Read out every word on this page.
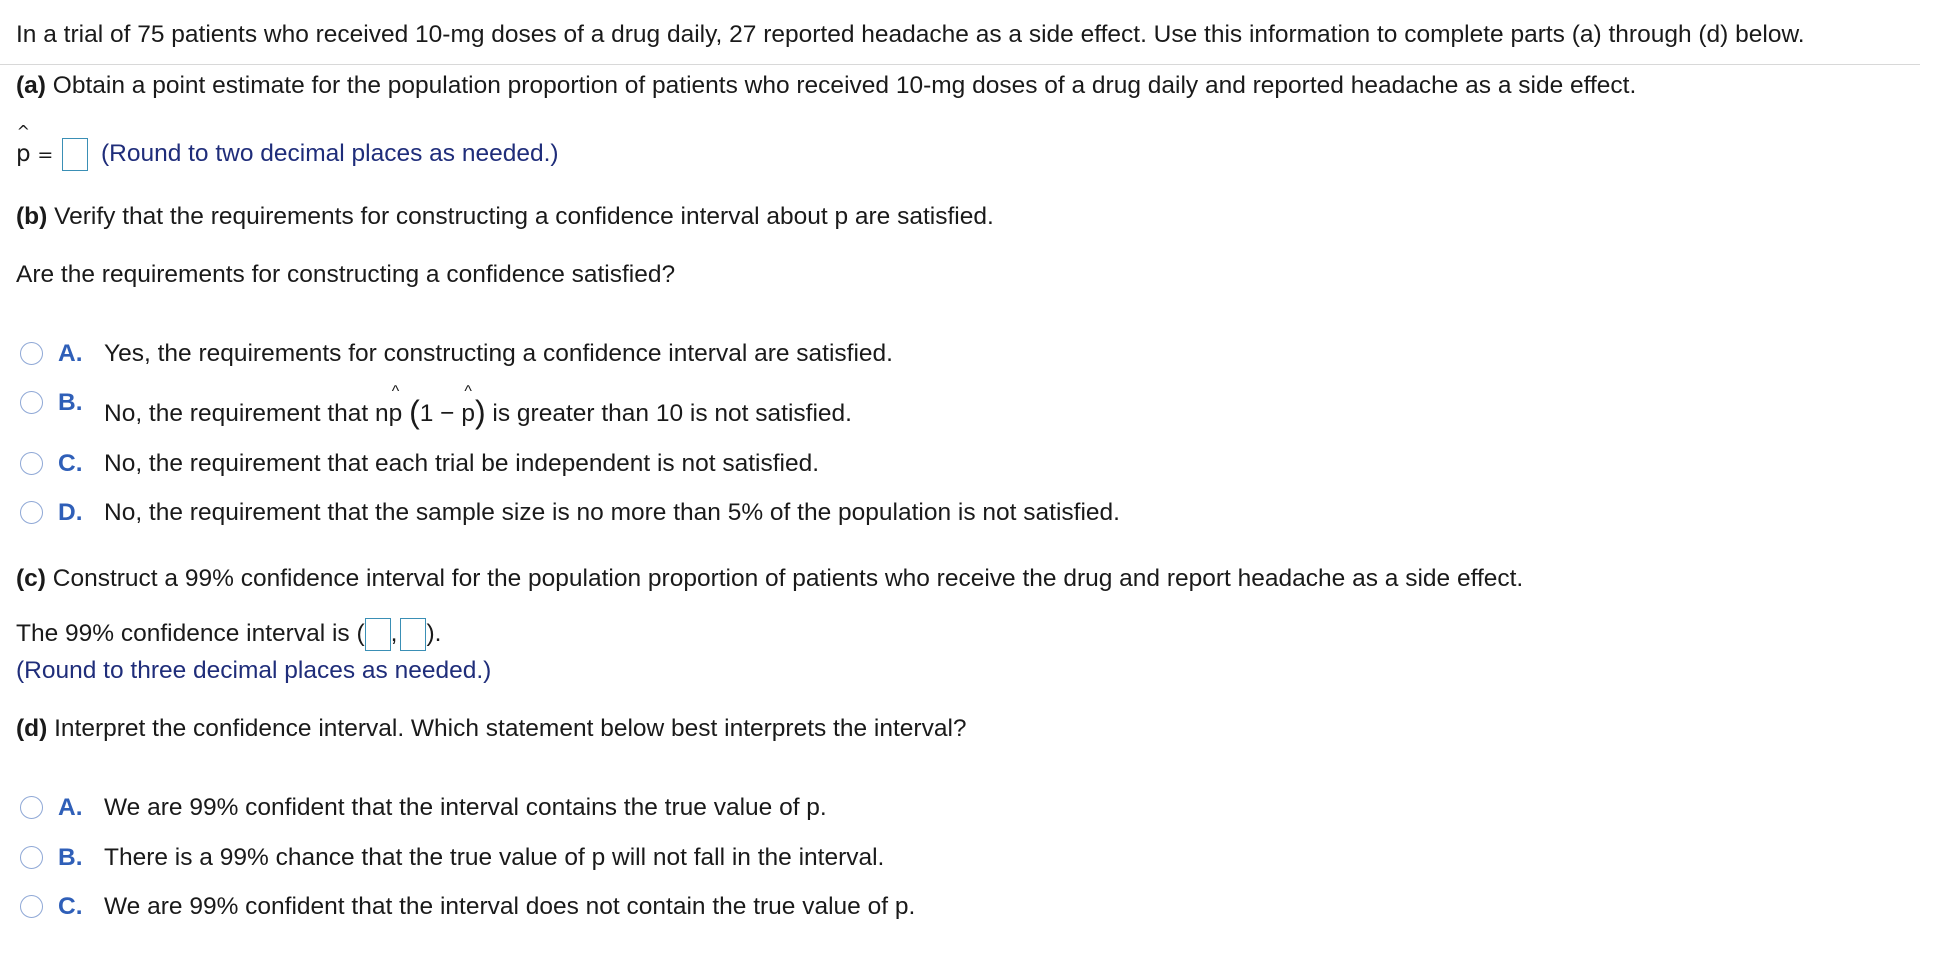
In a trial of 75 patients who received 10-mg doses of a drug daily, 27 reported headache as a side effect. Use this information to complete parts (a) through (d) below.
(a) Obtain a point estimate for the population proportion of patients who received 10-mg doses of a drug daily and reported headache as a side effect.
^ p = (Round to two decimal places as needed.)
(b) Verify that the requirements for constructing a confidence interval about p are satisfied.
Are the requirements for constructing a confidence satisfied?
A. Yes, the requirements for constructing a confidence interval are satisfied.
B. No, the requirement that n^ p (1 − ^ p) is greater than 10 is not satisfied.
C. No, the requirement that each trial be independent is not satisfied.
D. No, the requirement that the sample size is no more than 5% of the population is not satisfied.
(c) Construct a 99% confidence interval for the population proportion of patients who receive the drug and report headache as a side effect.
The 99% confidence interval is ( , ).
(Round to three decimal places as needed.)
(d) Interpret the confidence interval. Which statement below best interprets the interval?
A. We are 99% confident that the interval contains the true value of p.
B. There is a 99% chance that the true value of p will not fall in the interval.
C. We are 99% confident that the interval does not contain the true value of p.
